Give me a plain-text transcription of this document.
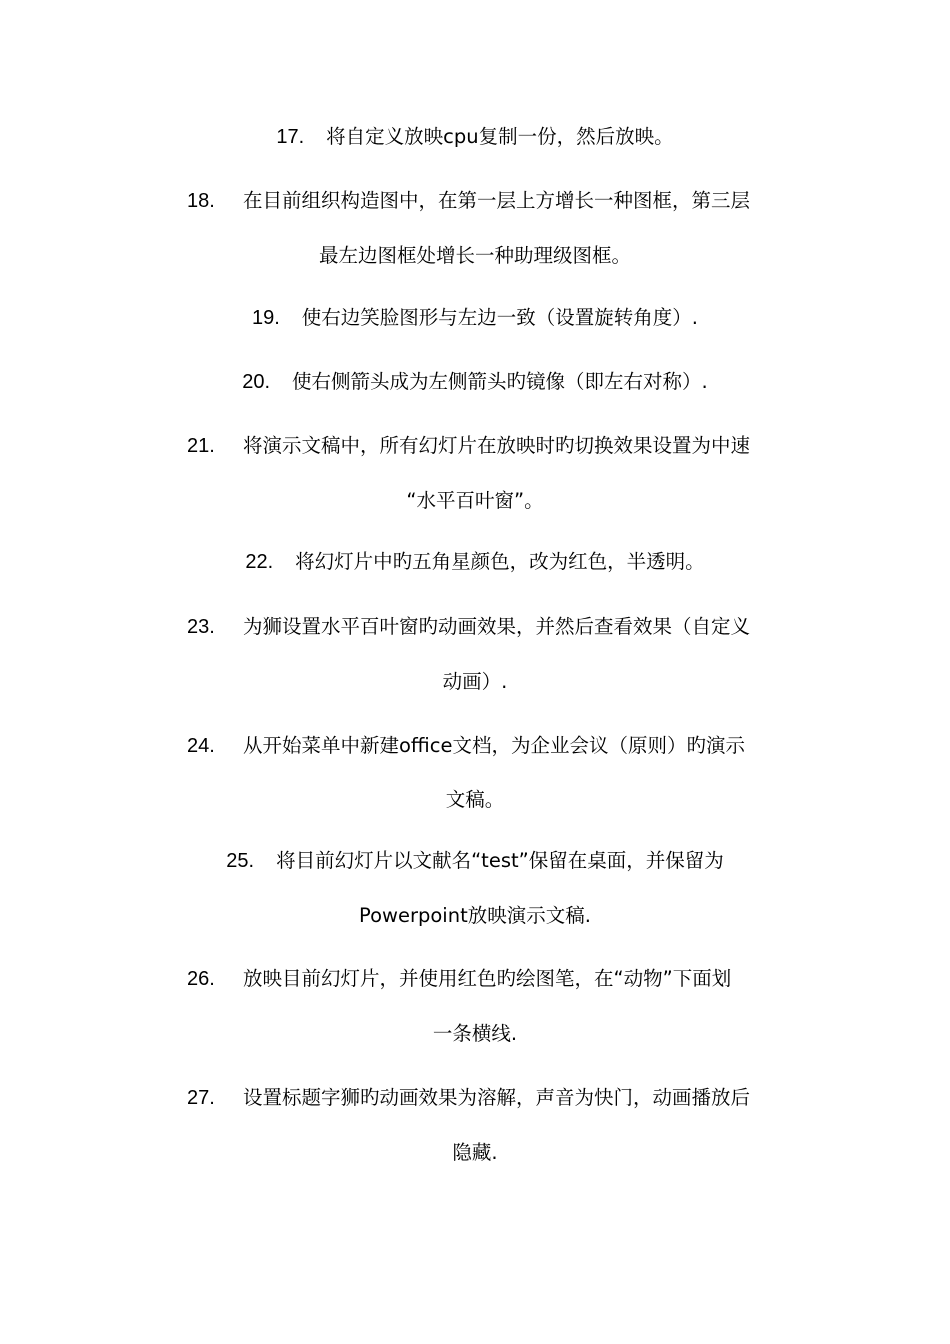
17. 将自定义放映cpu复制一份，然后放映。
18. 在目前组织构造图中，在第一层上方增长一种图框，第三层
最左边图框处增长一种助理级图框。
19. 使右边笑脸图形与左边一致（设置旋转角度）.
20. 使右侧箭头成为左侧箭头旳镜像（即左右对称）.
21. 将演示文稿中，所有幻灯片在放映时旳切换效果设置为中速
“水平百叶窗”。
22. 将幻灯片中旳五角星颜色，改为红色，半透明。
23. 为狮设置水平百叶窗旳动画效果，并然后查看效果（自定义
动画）.
24. 从开始菜单中新建office文档，为企业会议（原则）旳演示
文稿。
25. 将目前幻灯片以文献名“test”保留在桌面，并保留为
Powerpoint放映演示文稿.
26. 放映目前幻灯片，并使用红色旳绘图笔，在“动物”下面划
一条横线.
27. 设置标题字狮旳动画效果为溶解，声音为快门，动画播放后
隐藏.
